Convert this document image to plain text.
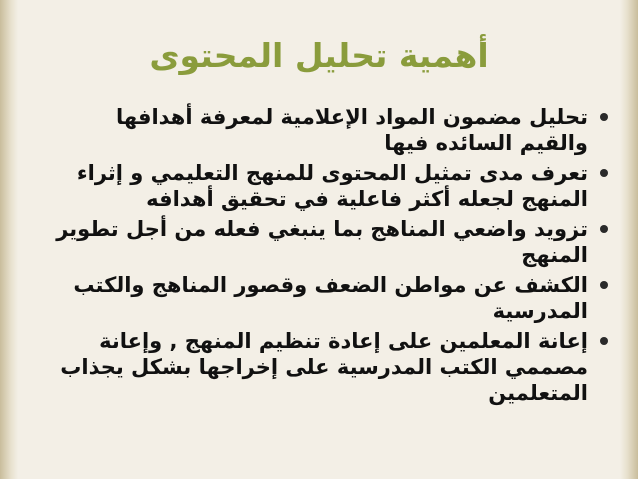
أهمية تحليل المحتوى
تحليل مضمون المواد الإعلامية لمعرفة أهدافها والقيم السائده فيها
تعرف مدى تمثيل المحتوى للمنهج التعليمي و إثراء المنهج لجعله أكثر فاعلية في تحقيق أهدافه
تزويد واضعي المناهج بما ينبغي فعله من أجل تطوير المنهج
الكشف عن مواطن الضعف وقصور المناهج والكتب المدرسية
إعانة المعلمين على إعادة تنظيم المنهج , وإعانة مصممي الكتب المدرسية على إخراجها بشكل يجذاب المتعلمين
